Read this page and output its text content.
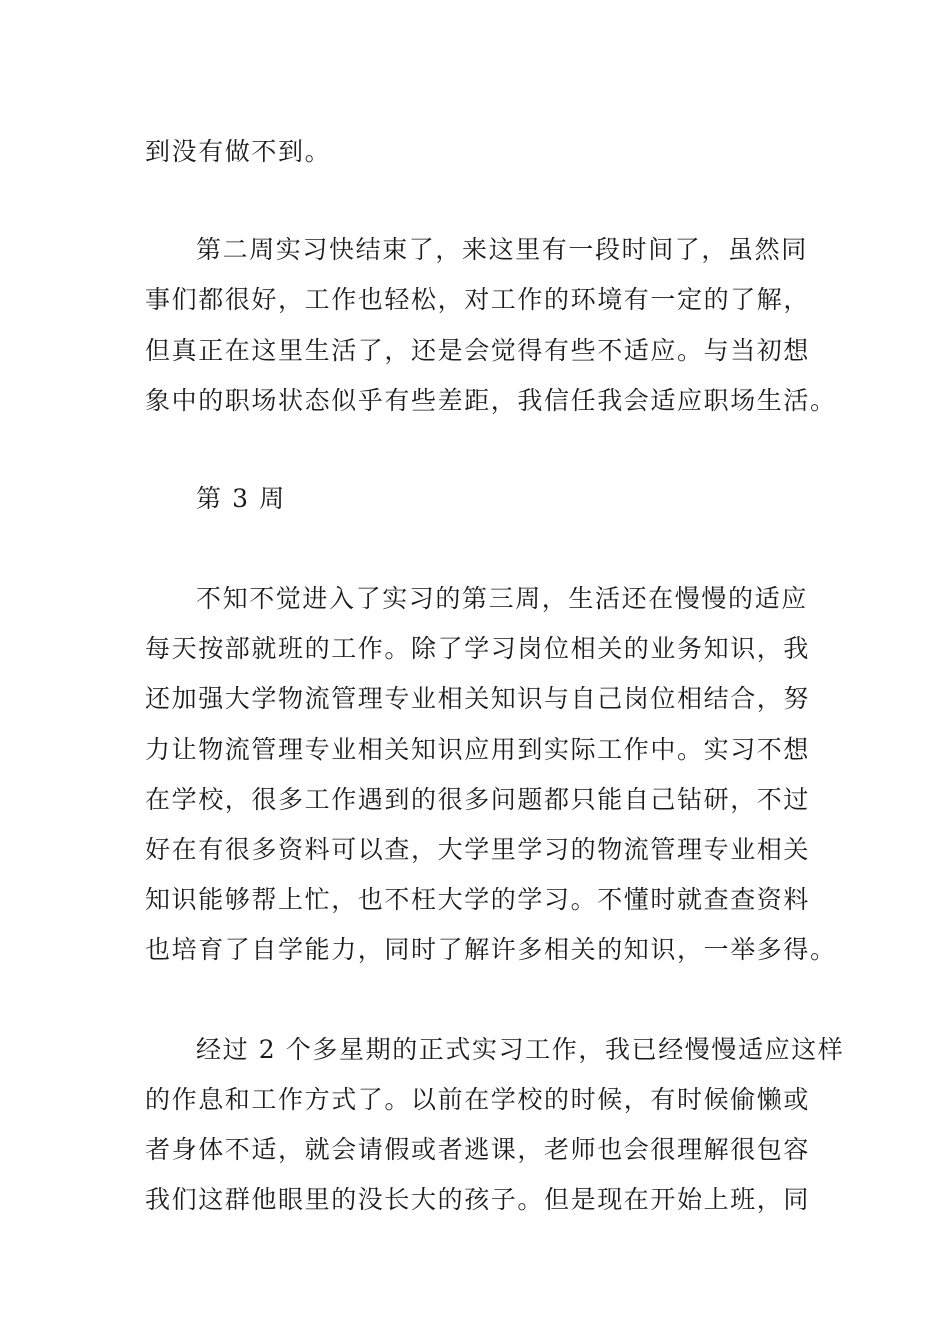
到没有做不到。
第二周实习快结束了，来这里有一段时间了，虽然同
事们都很好，工作也轻松，对工作的环境有一定的了解，
但真正在这里生活了，还是会觉得有些不适应。与当初想
象中的职场状态似乎有些差距，我信任我会适应职场生活。
第 3 周
不知不觉进入了实习的第三周，生活还在慢慢的适应
每天按部就班的工作。除了学习岗位相关的业务知识，我
还加强大学物流管理专业相关知识与自己岗位相结合，努
力让物流管理专业相关知识应用到实际工作中。实习不想
在学校，很多工作遇到的很多问题都只能自己钻研，不过
好在有很多资料可以查，大学里学习的物流管理专业相关
知识能够帮上忙，也不枉大学的学习。不懂时就查查资料
也培育了自学能力，同时了解许多相关的知识，一举多得。
经过 2 个多星期的正式实习工作，我已经慢慢适应这样
的作息和工作方式了。以前在学校的时候，有时候偷懒或
者身体不适，就会请假或者逃课，老师也会很理解很包容
我们这群他眼里的没长大的孩子。但是现在开始上班，同
